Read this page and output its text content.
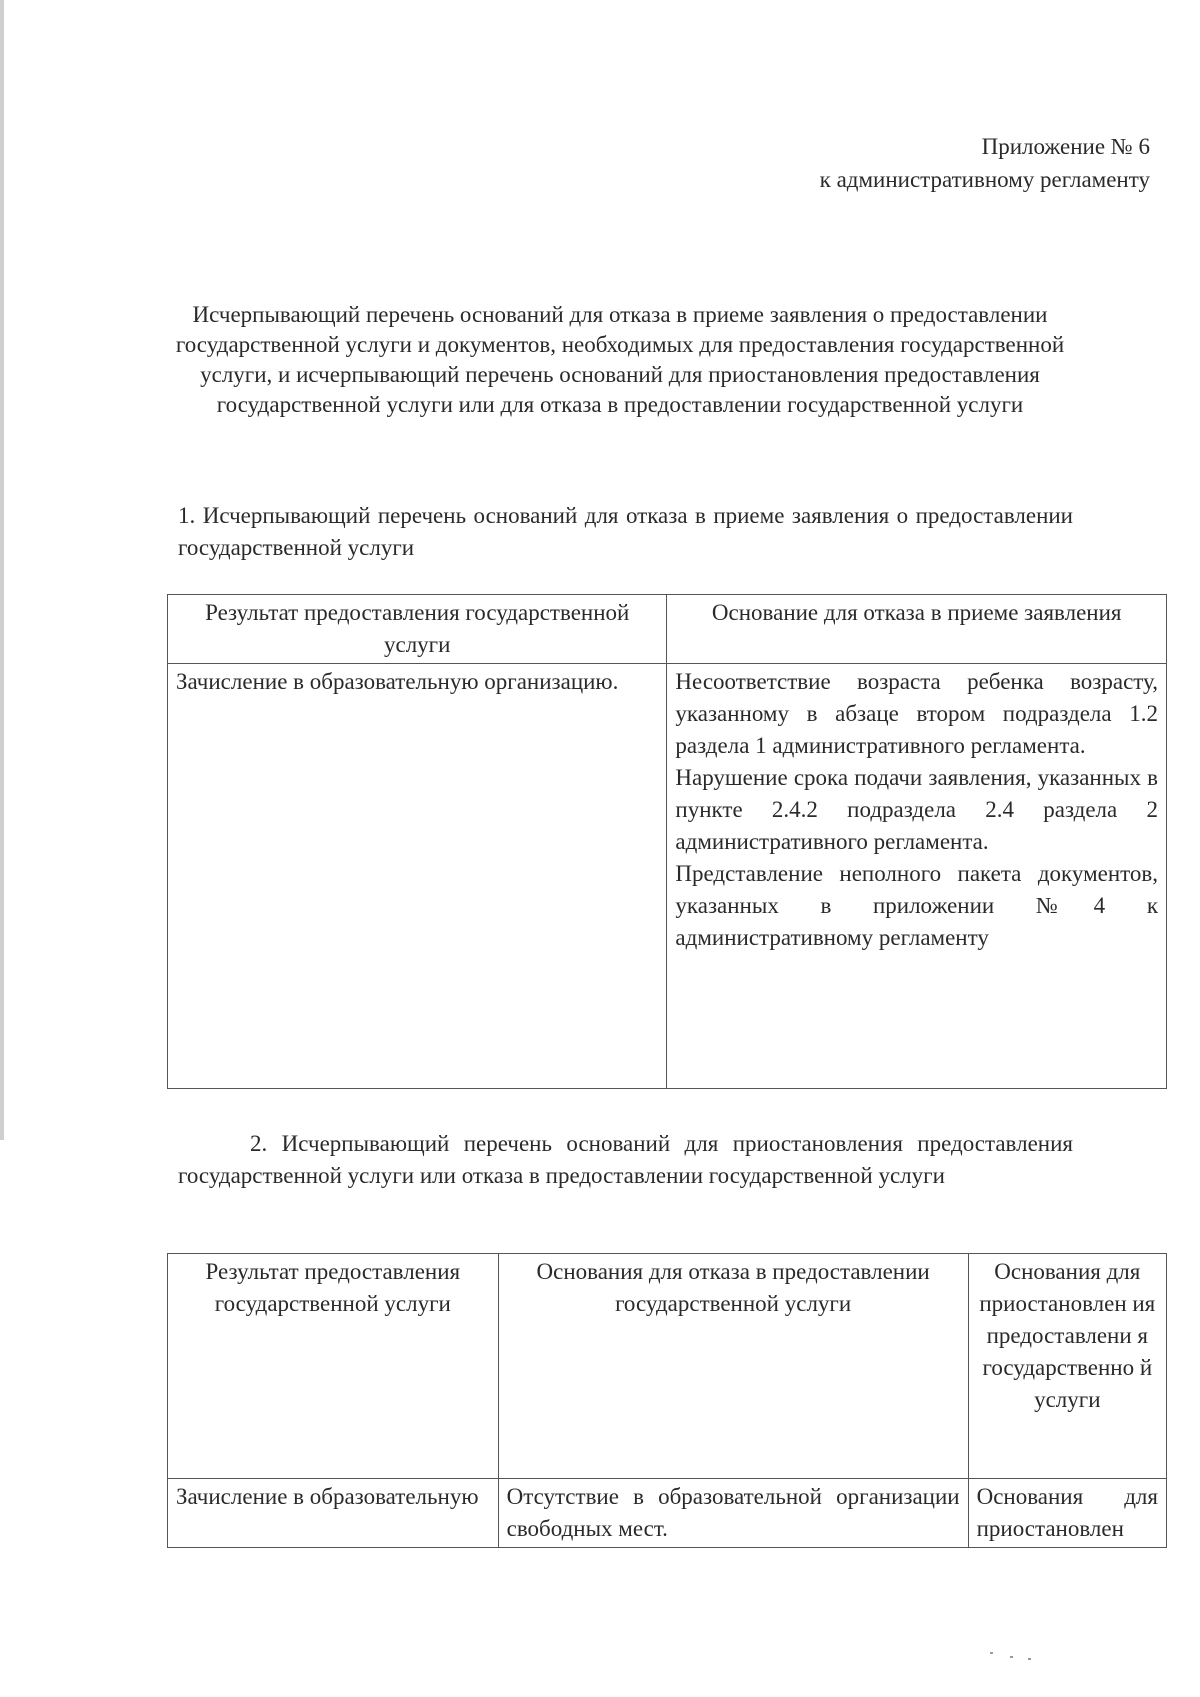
Приложение № 6
к административному регламенту
Исчерпывающий перечень оснований для отказа в приеме заявления о предоставлении государственной услуги и документов, необходимых для предоставления государственной услуги, и исчерпывающий перечень оснований для приостановления предоставления государственной услуги или для отказа в предоставлении государственной услуги

1. Исчерпывающий перечень оснований для отказа в приеме заявления о предоставлении государственной услуги

Результат предоставления государственной услуги	Основание для отказа в приеме заявления
Зачисление в образовательную организацию.	Несоответствие возраста ребенка возрасту, указанному в абзаце втором подраздела 1.2 раздела 1 административного регламента.

Нарушение срока подачи заявления, указанных в пункте 2.4.2 подраздела 2.4 раздела 2 административного регламента.

Представление неполного пакета документов, указанных в приложении №4 к административному регламенту

2. Исчерпывающий перечень оснований для приостановления предоставления государственной услуги или отказа в предоставлении государственной услуги

Результат предоставления государственной услуги	Основания для отказа в предоставлении государственной услуги	Основания для приостановлен ия предоставлени я государственно й услуги
Зачисление в образовательную	Отсутствие в образовательной организации свободных мест.	Основания для приостановлен
